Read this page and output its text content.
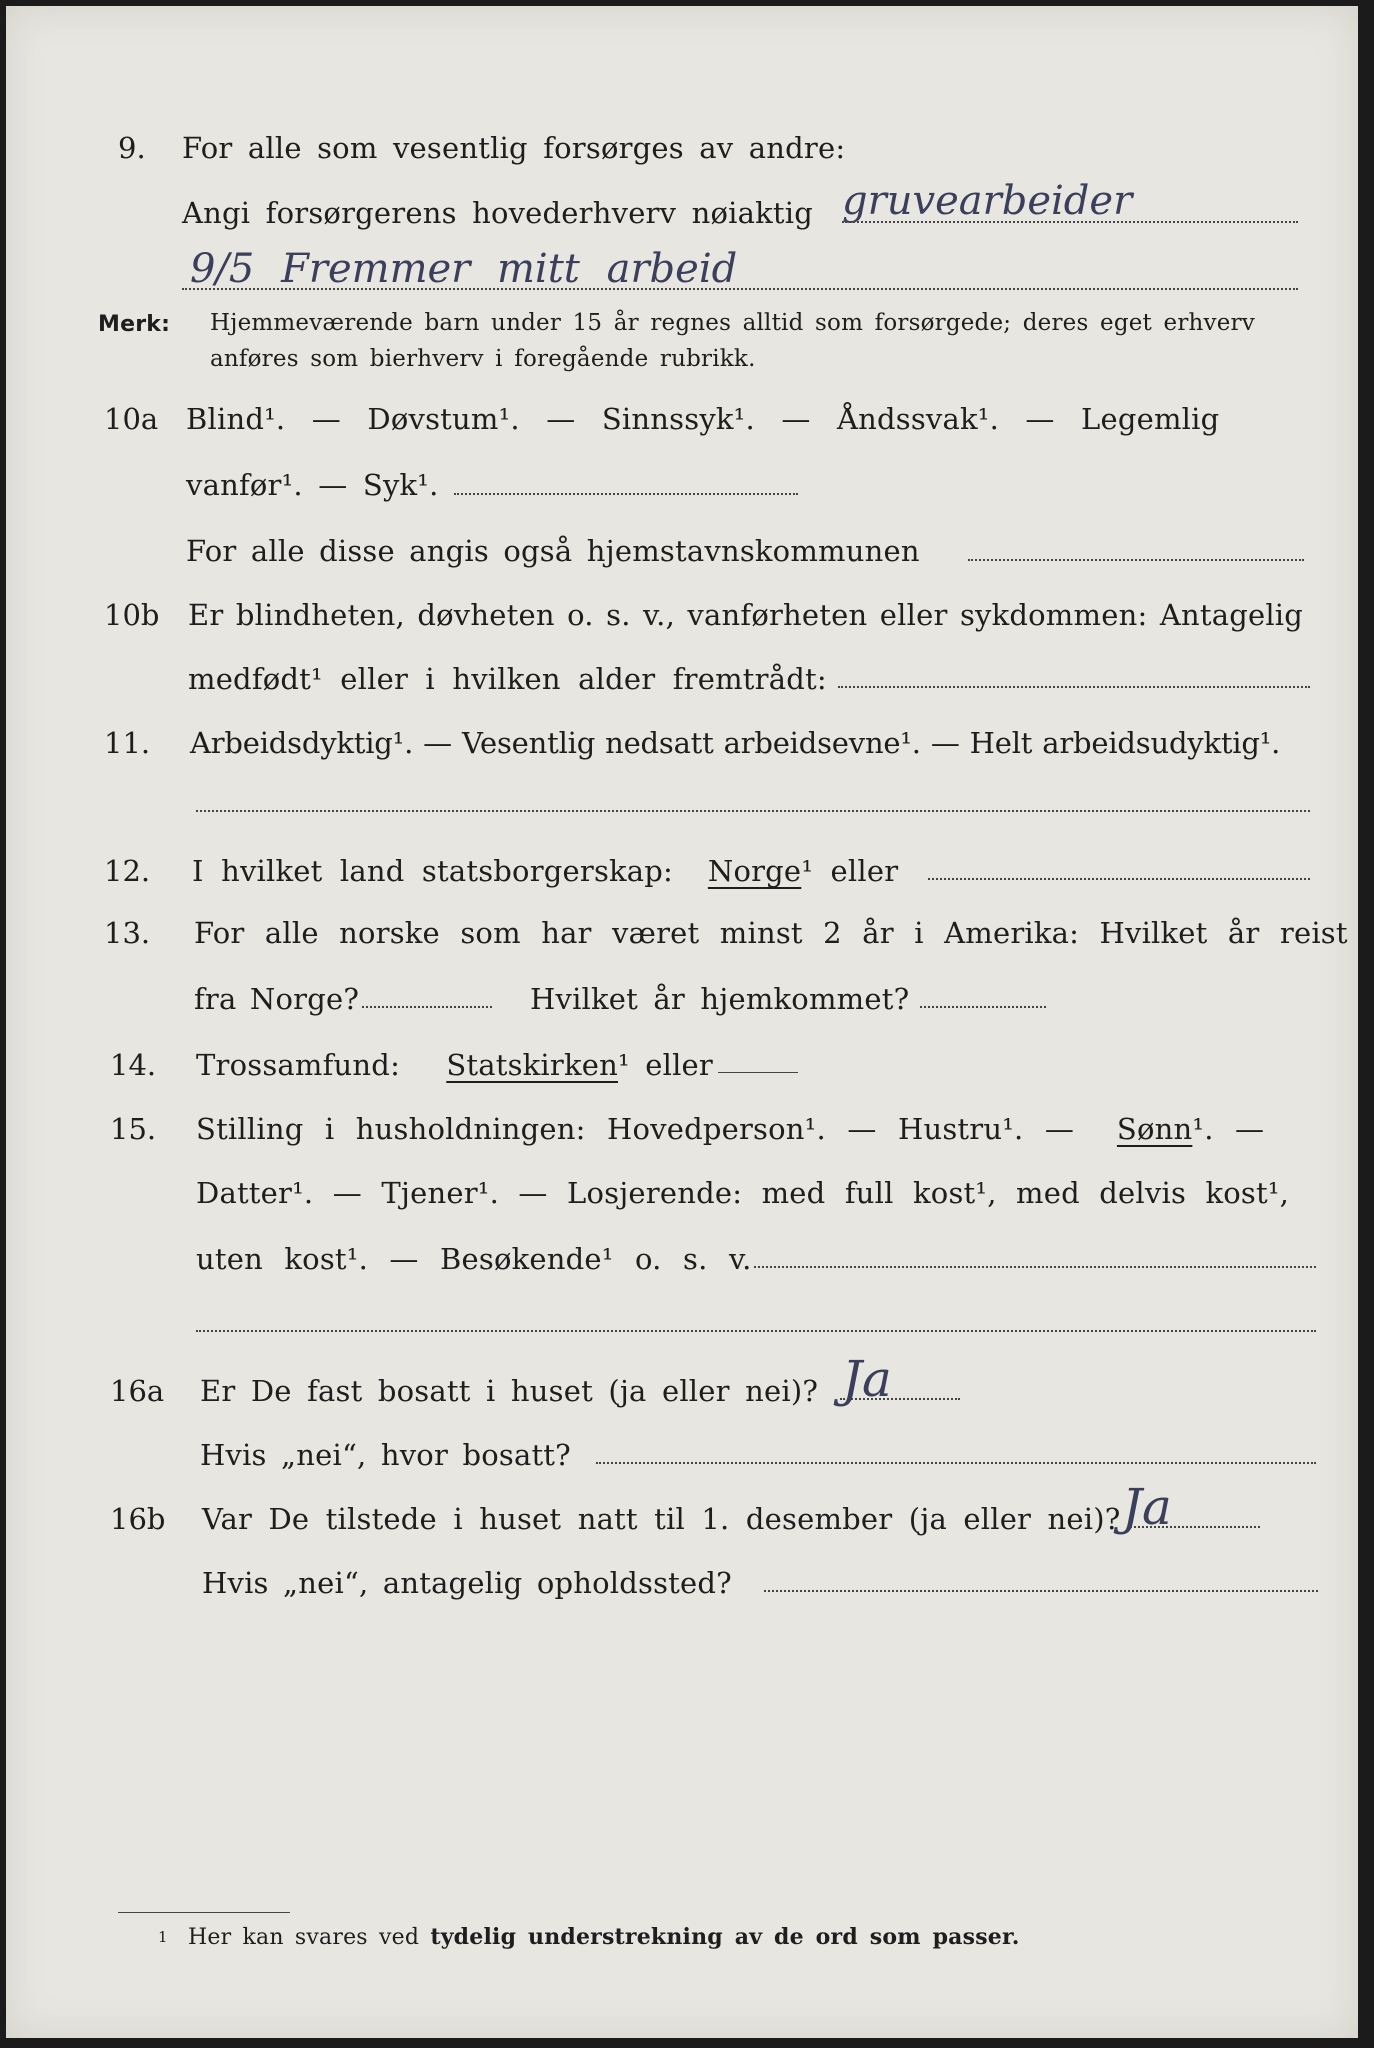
9. For alle som vesentlig forsørges av andre:
Angi forsørgerens hovederhverv nøiaktig gruvearbeider
9/5 Fremmer mitt arbeid
Merk: Hjemmeværende barn under 15 år regnes alltid som forsørgede; deres eget erhverv
anføres som bierhverv i foregående rubrikk.
10a Blind¹. — Døvstum¹. — Sinnssyk¹. — Åndssvak¹. — Legemlig
vanfør¹. — Syk¹.
For alle disse angis også hjemstavnskommunen
10b Er blindheten, døvheten o. s. v., vanførheten eller sykdommen: Antagelig
medfødt¹ eller i hvilken alder fremtrådt:
11. Arbeidsdyktig¹. — Vesentlig nedsatt arbeidsevne¹. — Helt arbeidsudyktig¹.
12. I hvilket land statsborgerskap: Norge¹ eller
13. For alle norske som har været minst 2 år i Amerika: Hvilket år reist
fra Norge?	Hvilket år hjemkommet?
14. Trossamfund: Statskirken¹ eller
15. Stilling i husholdningen: Hovedperson¹. — Hustru¹. — Sønn¹. —
Datter¹. — Tjener¹. — Losjerende: med full kost¹, med delvis kost¹,
uten kost¹. — Besøkende¹ o. s. v.
16a Er De fast bosatt i huset (ja eller nei)? Ja
Hvis „nei“, hvor bosatt?
16b Var De tilstede i huset natt til 1. desember (ja eller nei)? Ja
Hvis „nei“, antagelig opholdssted?
1 Her kan svares ved tydelig understrekning av de ord som passer.
